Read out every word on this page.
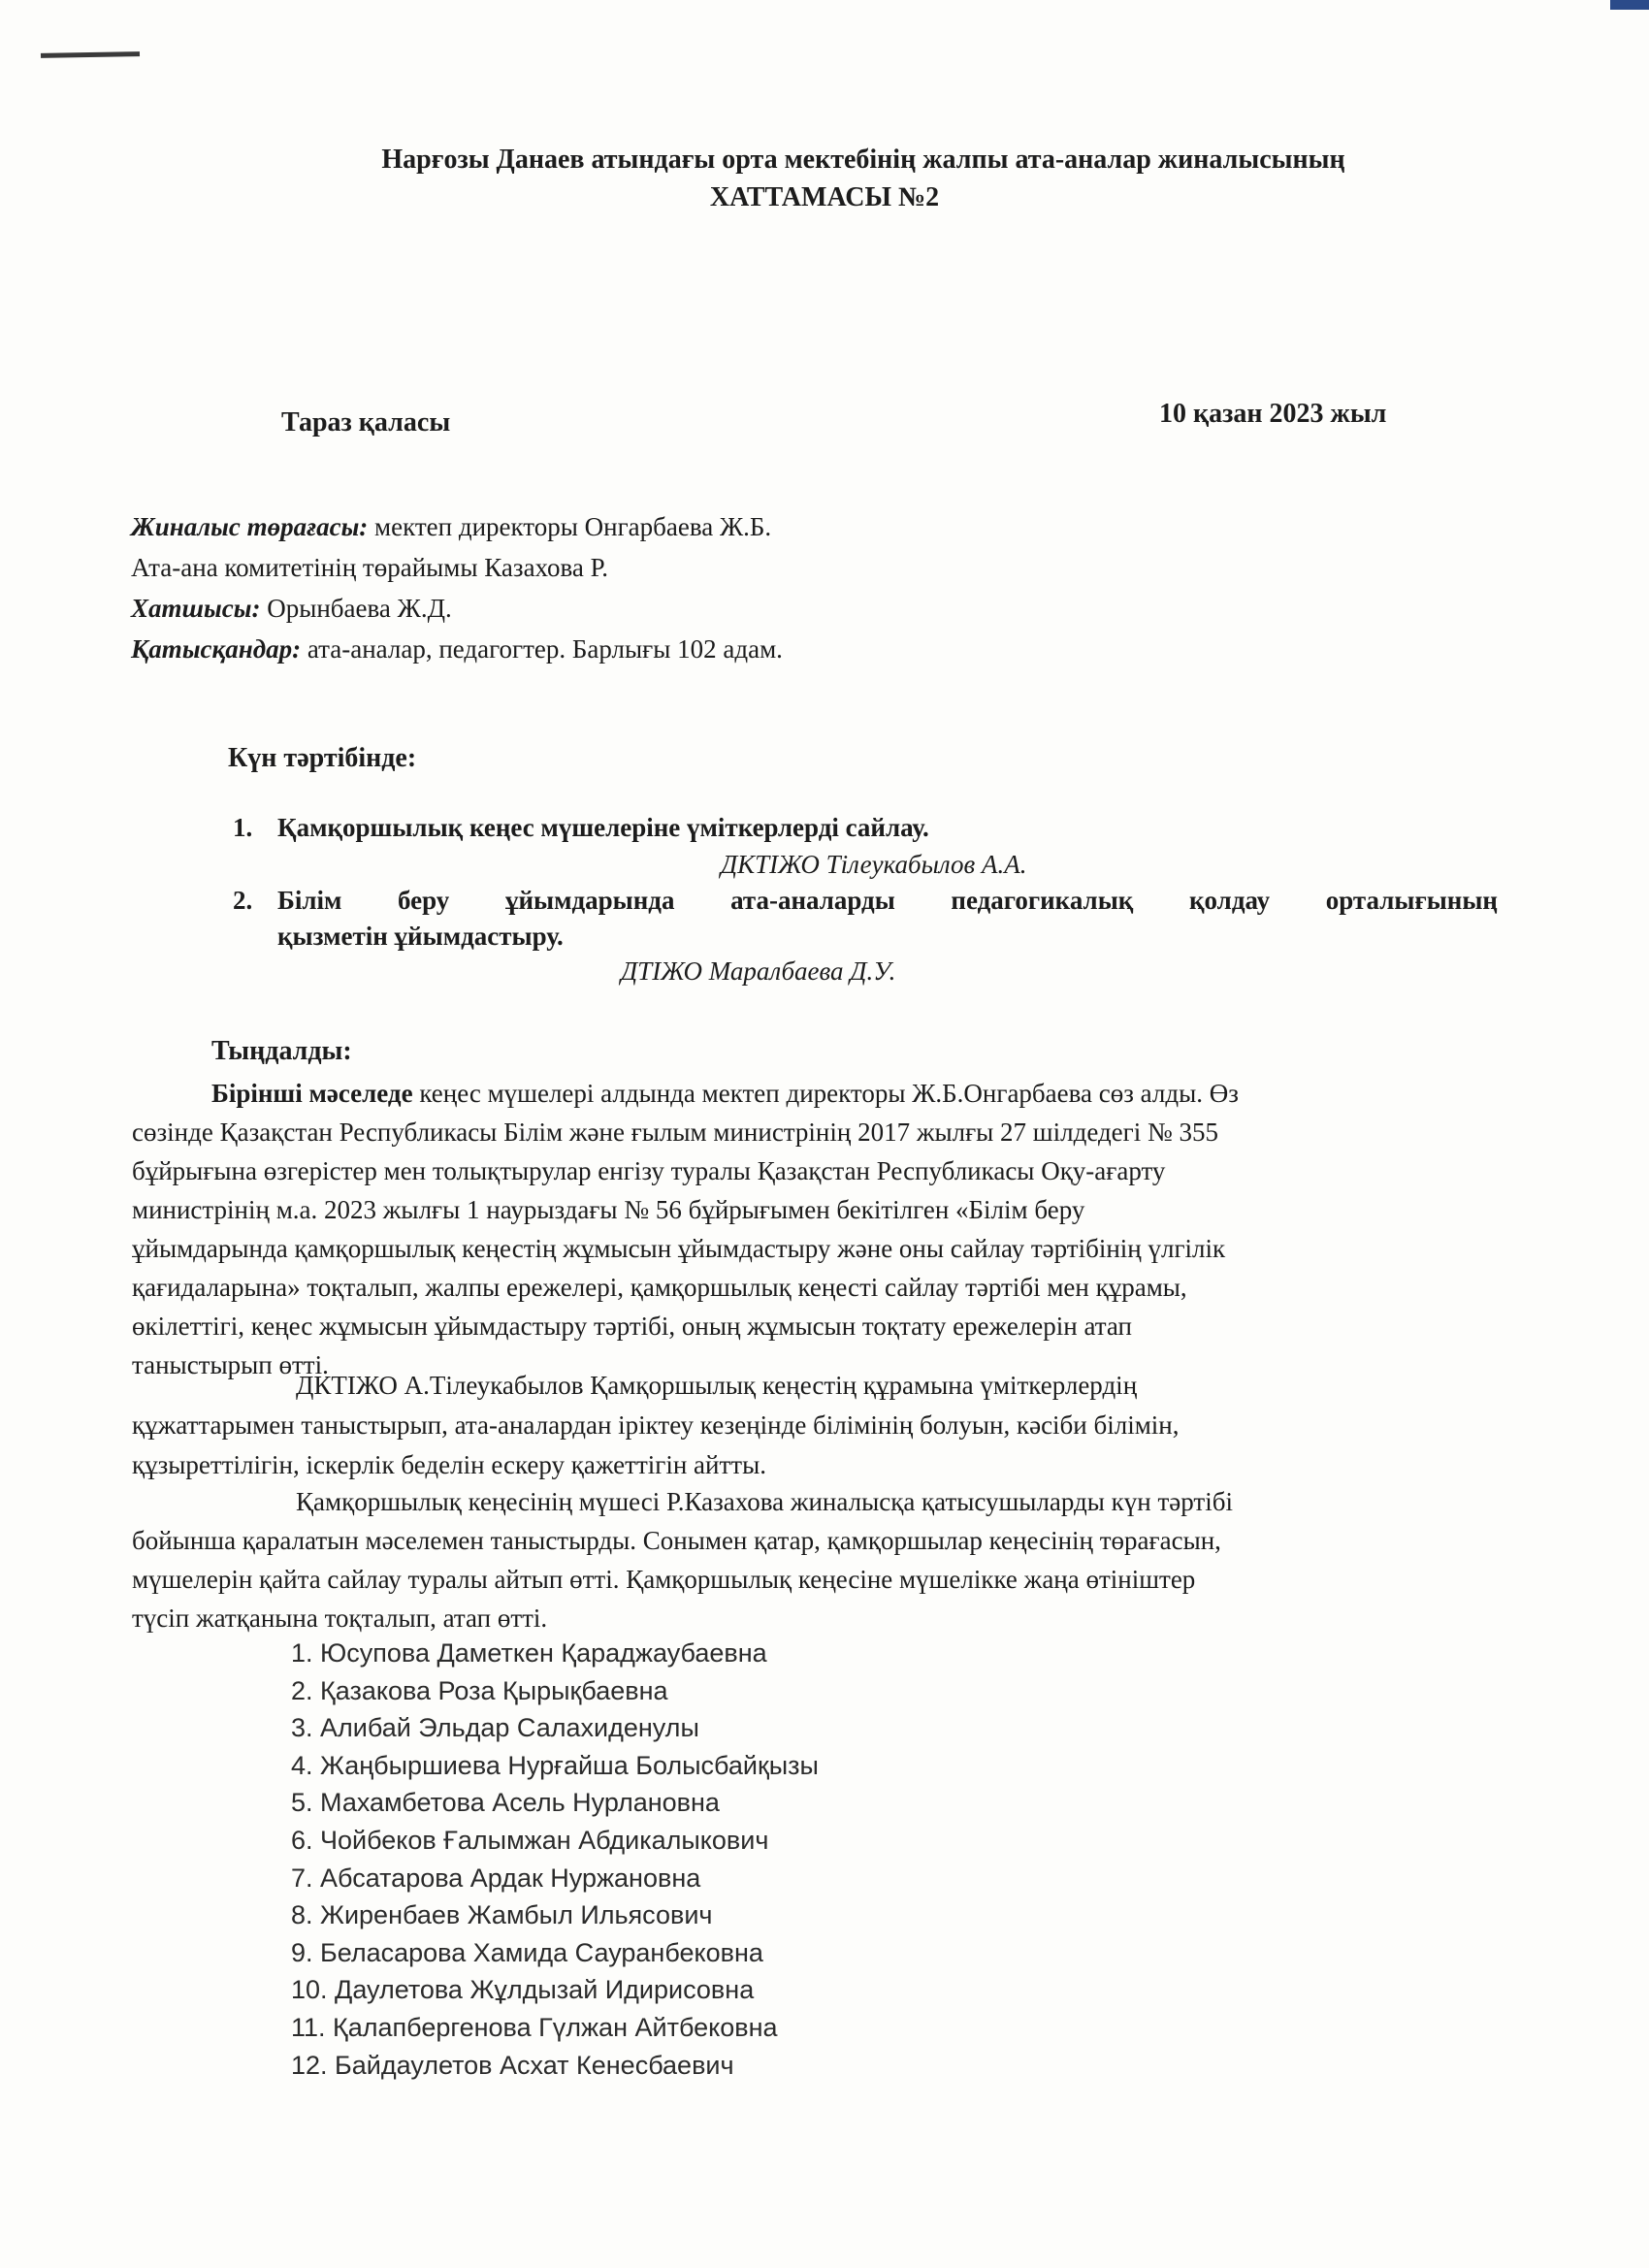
Нарғозы Данаев атындағы орта мектебінің жалпы ата-аналар жиналысының
ХАТТАМАСЫ №2
Тараз қаласы	10 қазан 2023 жыл
Жиналыс төрағасы: мектеп директоры Онгарбаева Ж.Б.
Ата-ана комитетінің төрайымы Казахова Р.
Хатшысы: Орынбаева Ж.Д.
Қатысқандар: ата-аналар, педагогтер. Барлығы 102 адам.
Күн тәртібінде:
1. Қамқоршылық кеңес мүшелеріне үміткерлерді сайлау.
ДКТІЖО Тілеукабылов А.А.
2. Білім беру ұйымдарында ата-аналарды педагогикалық қолдау орталығының
қызметін ұйымдастыру.
ДТІЖО Маралбаева Д.У.
Тыңдалды:
Бірінші мәселеде кеңес мүшелері алдында мектеп директоры Ж.Б.Онгарбаева сөз алды. Өз
сөзінде Қазақстан Республикасы Білім және ғылым министрінің 2017 жылғы 27 шілдедегі № 355
бұйрығына өзгерістер мен толықтырулар енгізу туралы Қазақстан Республикасы Оқу-ағарту
министрінің м.а. 2023 жылғы 1 наурыздағы № 56 бұйрығымен бекітілген «Білім беру
ұйымдарында қамқоршылық кеңестің жұмысын ұйымдастыру және оны сайлау тәртібінің үлгілік
қағидаларына» тоқталып, жалпы ережелері, қамқоршылық кеңесті сайлау тәртібі мен құрамы,
өкілеттігі, кеңес жұмысын ұйымдастыру тәртібі, оның жұмысын тоқтату ережелерін атап
таныстырып өтті.
ДКТІЖО А.Тілеукабылов Қамқоршылық кеңестің құрамына үміткерлердің
құжаттарымен таныстырып, ата-аналардан іріктеу кезеңінде білімінің болуын, кәсіби білімін,
құзыреттілігін, іскерлік беделін ескеру қажеттігін айтты.
Қамқоршылық кеңесінің мүшесі Р.Казахова жиналысқа қатысушыларды күн тәртібі
бойынша қаралатын мәселемен таныстырды. Сонымен қатар, қамқоршылар кеңесінің төрағасын,
мүшелерін қайта сайлау туралы айтып өтті. Қамқоршылық кеңесіне мүшелікке жаңа өтініштер
түсіп жатқанына тоқталып, атап өтті.
1. Юсупова Даметкен Қараджаубаевна
2. Қазакова Роза Қырықбаевна
3. Алибай Эльдар Салахиденулы
4. Жаңбыршиева Нурғайша Болысбайқызы
5. Махамбетова Асель Нурлановна
6. Чойбеков Ғалымжан Абдикалыкович
7. Абсатарова Ардак Нуржановна
8. Жиренбаев Жамбыл Ильясович
9. Беласарова Хамида Сауранбековна
10. Даулетова Жұлдызай Идирисовна
11. Қалапбергенова Гүлжан Айтбековна
12. Байдаулетов Асхат Кенесбаевич
